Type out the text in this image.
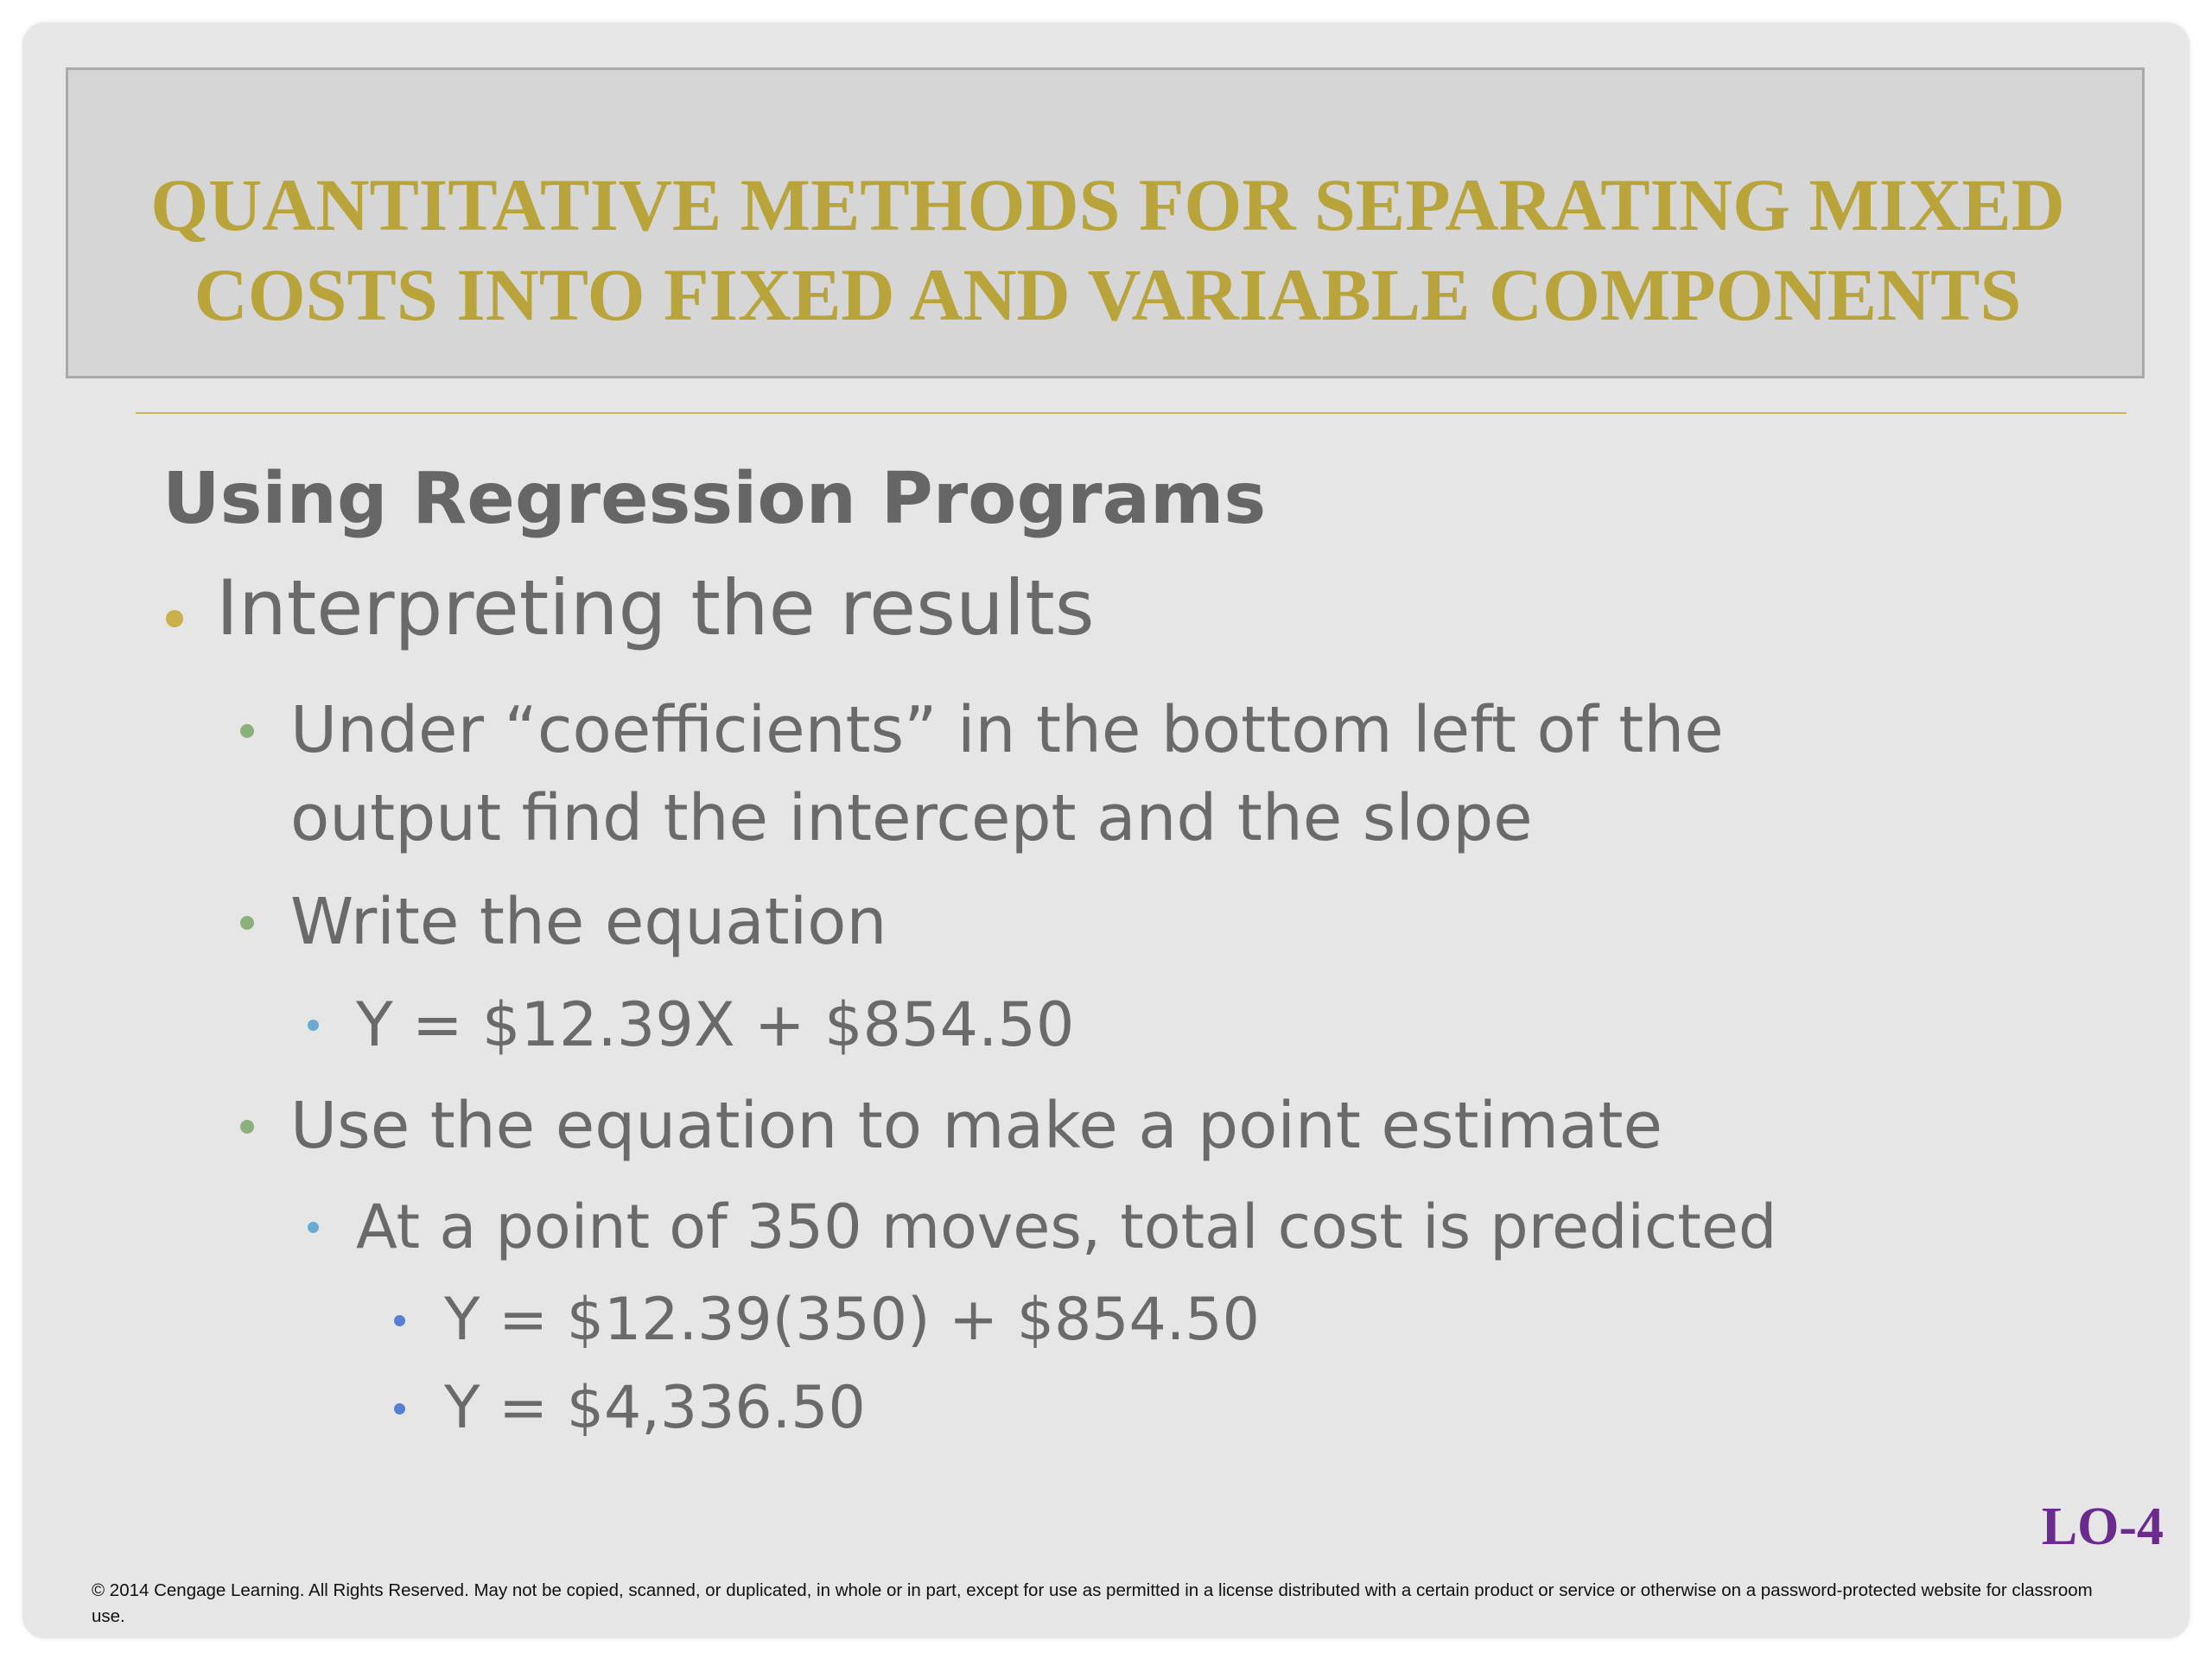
QUANTITATIVE METHODS FOR SEPARATING MIXED
COSTS INTO FIXED AND VARIABLE COMPONENTS
Using Regression Programs

Interpreting the results

Under “coefficients” in the bottom left of the

output find the intercept and the slope

Write the equation

Y = $12.39X + $854.50

Use the equation to make a point estimate

At a point of 350 moves, total cost is predicted

Y = $12.39(350) + $854.50

Y = $4,336.50

LO-4

© 2014 Cengage Learning. All Rights Reserved. May not be copied, scanned, or duplicated, in whole or in part, except for use as permitted in a license distributed with a certain product or service or otherwise on a password-protected website for classroom use.
